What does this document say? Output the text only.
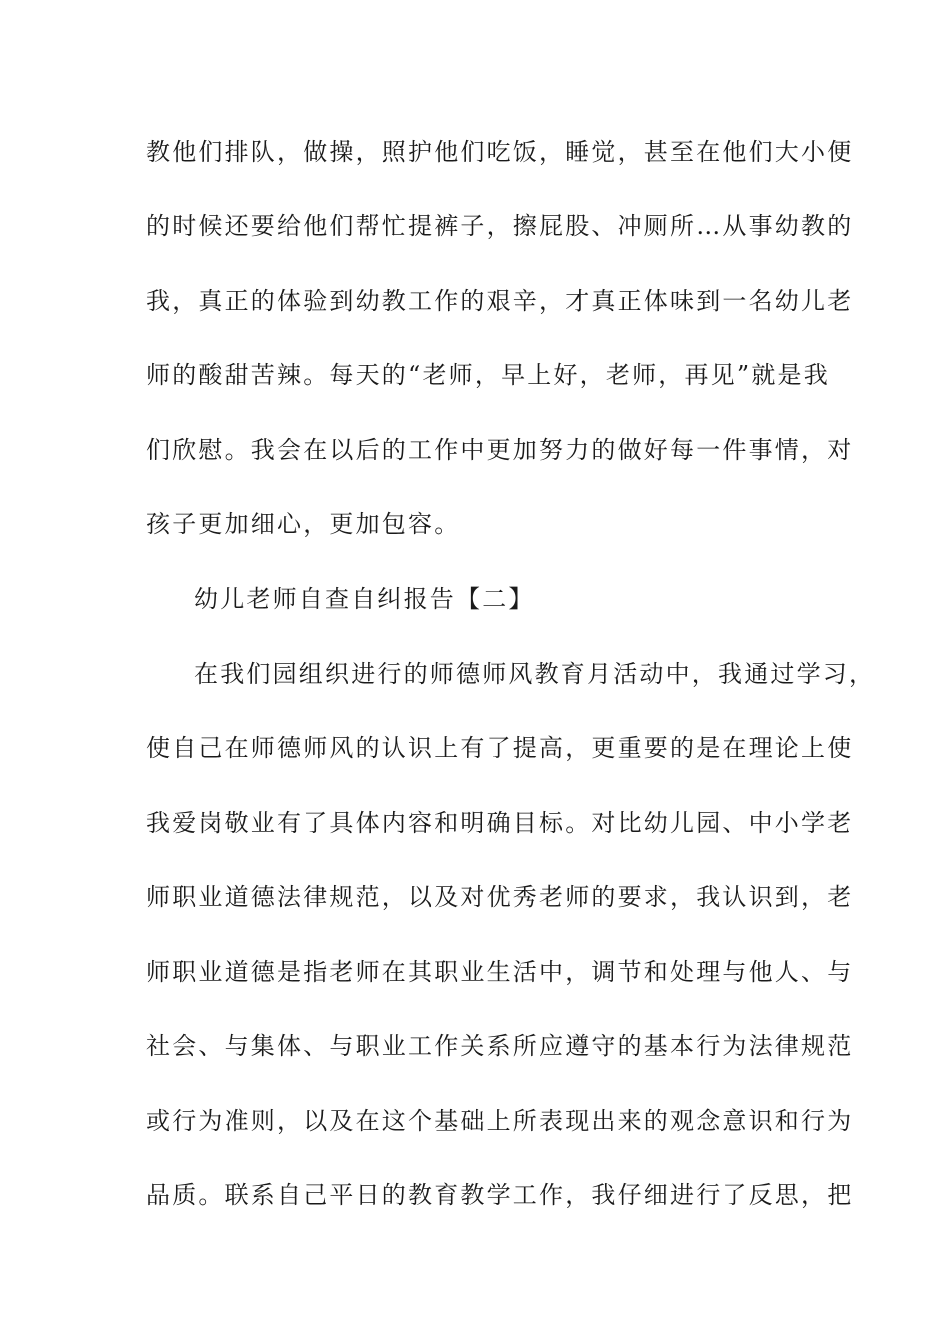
教他们排队，做操，照护他们吃饭，睡觉，甚至在他们大小便
的时候还要给他们帮忙提裤子，擦屁股、冲厕所…从事幼教的
我，真正的体验到幼教工作的艰辛，才真正体味到一名幼儿老
师的酸甜苦辣。每天的“老师，早上好，老师，再见”就是我
们欣慰。我会在以后的工作中更加努力的做好每一件事情，对
孩子更加细心，更加包容。
幼儿老师自查自纠报告【二】
在我们园组织进行的师德师风教育月活动中，我通过学习，
使自己在师德师风的认识上有了提高，更重要的是在理论上使
我爱岗敬业有了具体内容和明确目标。对比幼儿园、中小学老
师职业道德法律规范，以及对优秀老师的要求，我认识到，老
师职业道德是指老师在其职业生活中，调节和处理与他人、与
社会、与集体、与职业工作关系所应遵守的基本行为法律规范
或行为准则，以及在这个基础上所表现出来的观念意识和行为
品质。联系自己平日的教育教学工作，我仔细进行了反思，把
